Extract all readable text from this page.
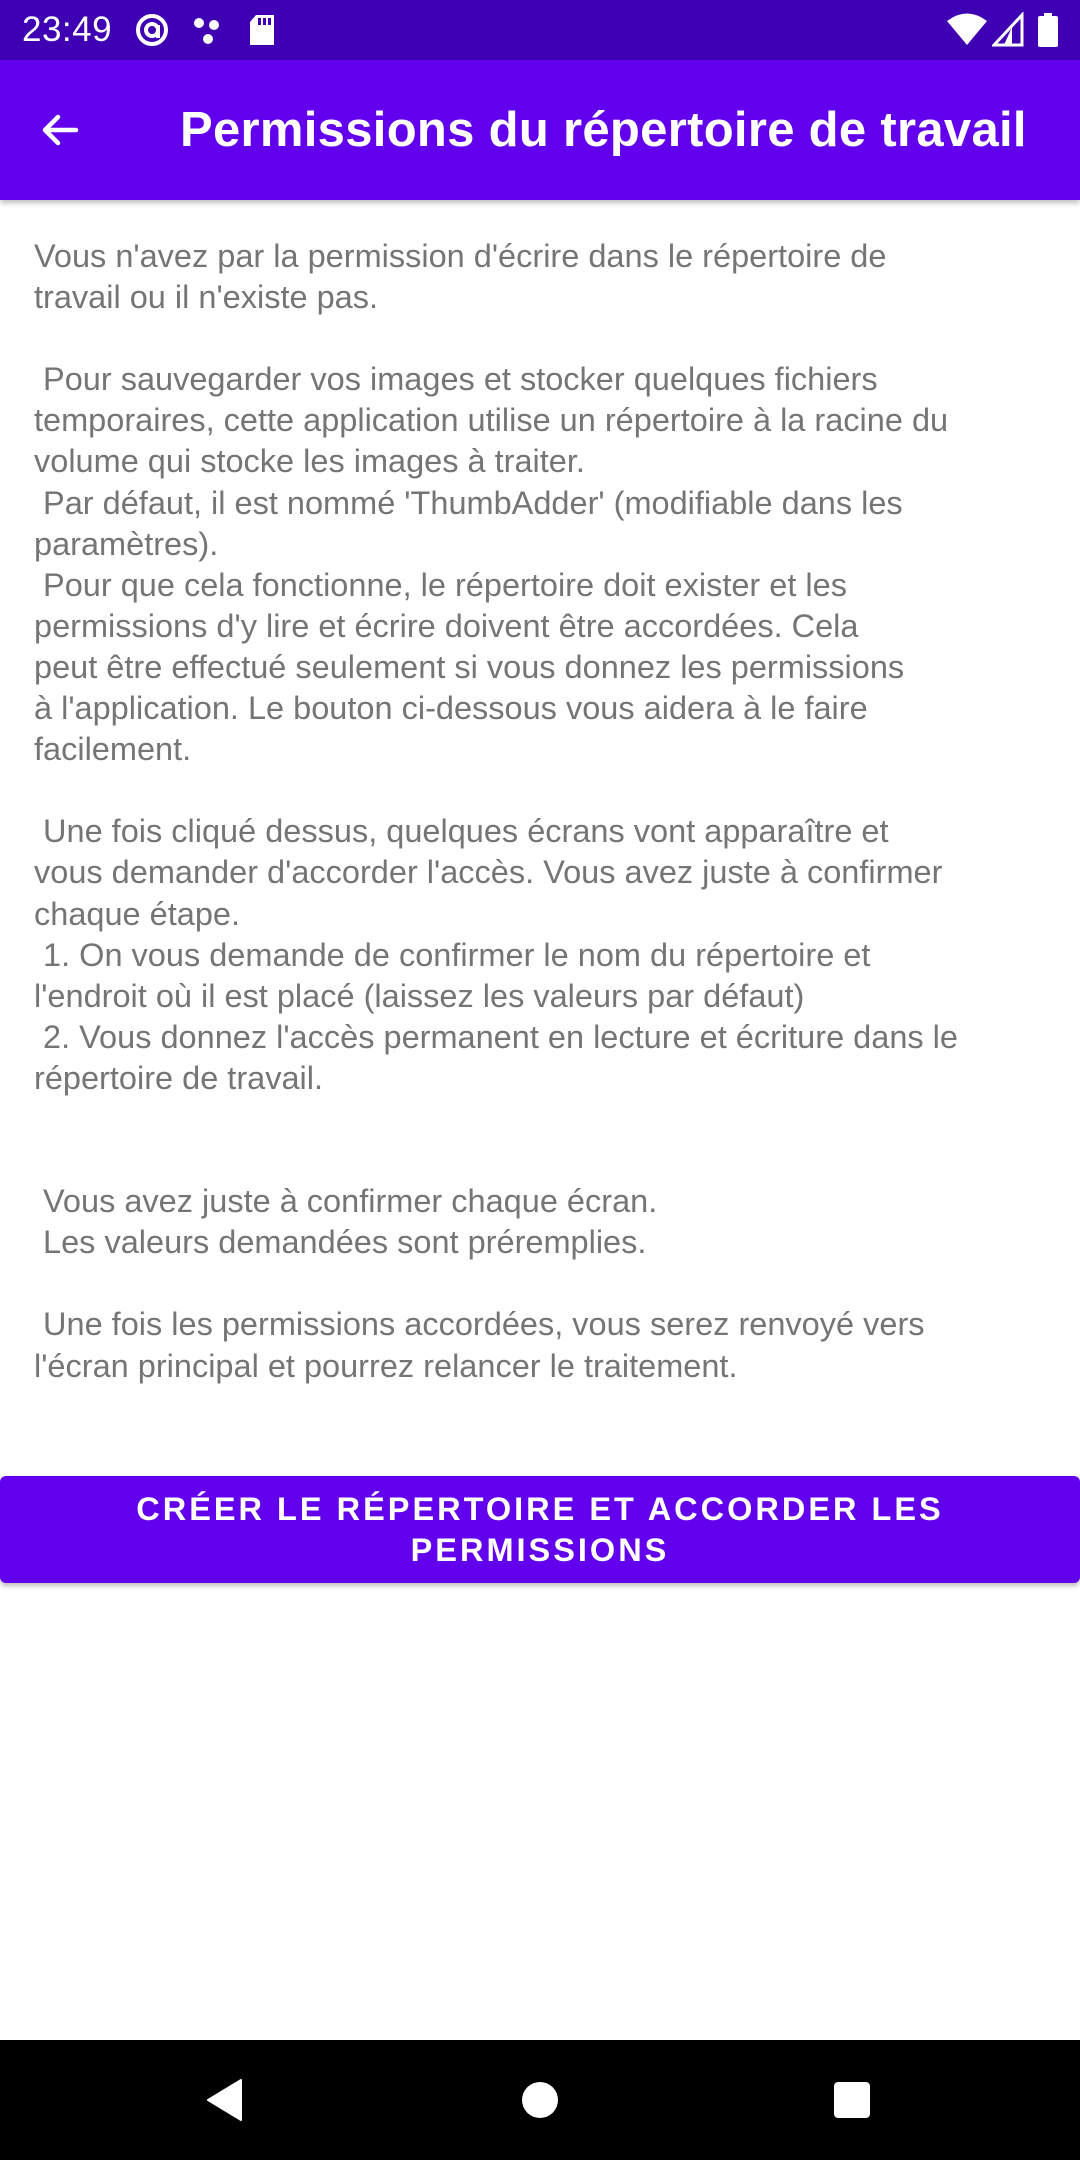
23:49
Permissions du répertoire de travail

Vous n'avez par la permission d'écrire dans le répertoire de
travail ou il n'existe pas.

Pour sauvegarder vos images et stocker quelques fichiers
temporaires, cette application utilise un répertoire à la racine du
volume qui stocke les images à traiter.
Par défaut, il est nommé 'ThumbAdder' (modifiable dans les
paramètres).
Pour que cela fonctionne, le répertoire doit exister et les
permissions d'y lire et écrire doivent être accordées. Cela
peut être effectué seulement si vous donnez les permissions
à l'application. Le bouton ci-dessous vous aidera à le faire
facilement.

Une fois cliqué dessus, quelques écrans vont apparaître et
vous demander d'accorder l'accès. Vous avez juste à confirmer
chaque étape.
1. On vous demande de confirmer le nom du répertoire et
l'endroit où il est placé (laissez les valeurs par défaut)
2. Vous donnez l'accès permanent en lecture et écriture dans le
répertoire de travail.

Vous avez juste à confirmer chaque écran.
Les valeurs demandées sont préremplies.

Une fois les permissions accordées, vous serez renvoyé vers
l'écran principal et pourrez relancer le traitement.

CRÉER LE RÉPERTOIRE ET ACCORDER LES PERMISSIONS
